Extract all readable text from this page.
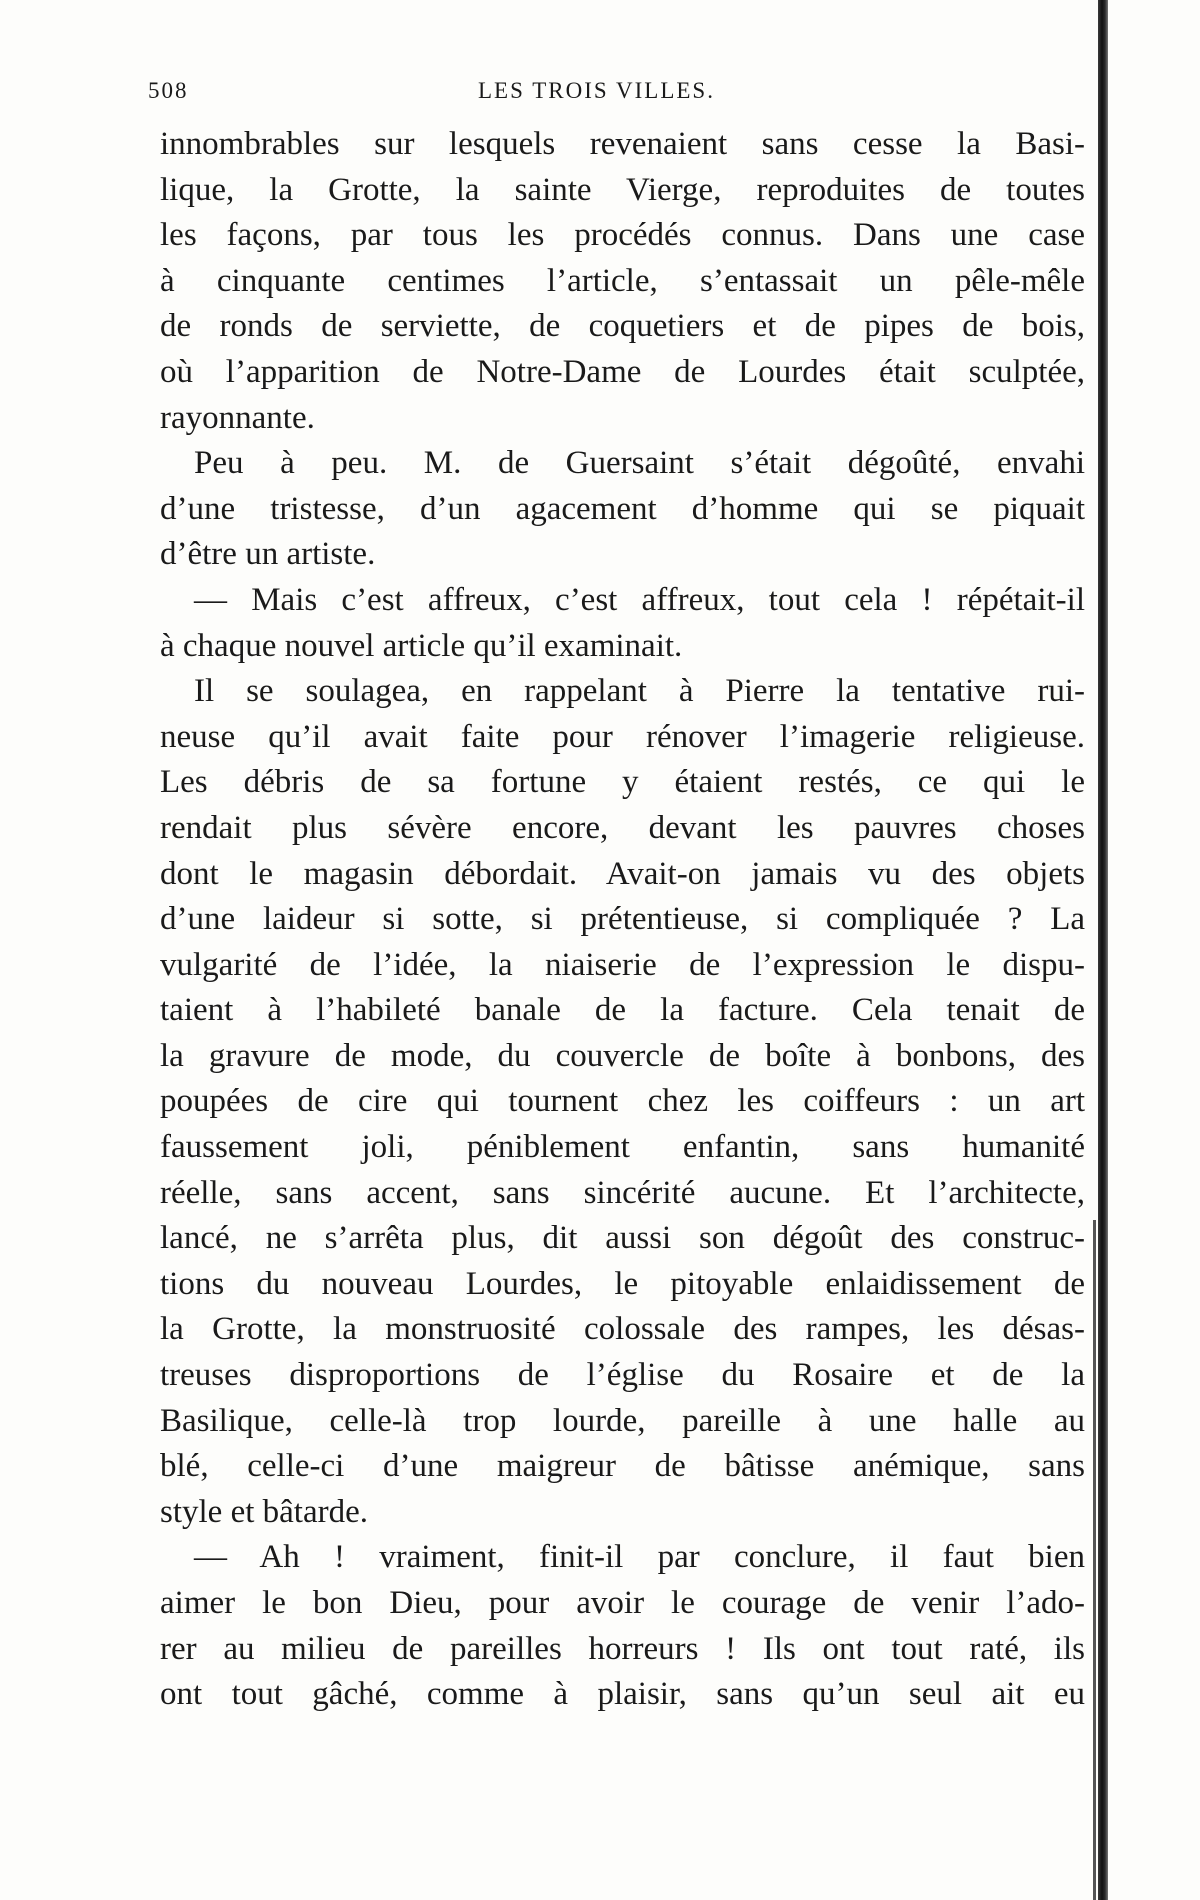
508	LES TROIS VILLES.
innombrables sur lesquels revenaient sans cesse la Basi-
lique, la Grotte, la sainte Vierge, reproduites de toutes
les façons, par tous les procédés connus. Dans une case
à cinquante centimes l’article, s’entassait un pêle-mêle
de ronds de serviette, de coquetiers et de pipes de bois,
où l’apparition de Notre-Dame de Lourdes était sculptée,
rayonnante.
Peu à peu. M. de Guersaint s’était dégoûté, envahi
d’une tristesse, d’un agacement d’homme qui se piquait
d’être un artiste.
— Mais c’est affreux, c’est affreux, tout cela ! répétait-il
à chaque nouvel article qu’il examinait.
Il se soulagea, en rappelant à Pierre la tentative rui-
neuse qu’il avait faite pour rénover l’imagerie religieuse.
Les débris de sa fortune y étaient restés, ce qui le
rendait plus sévère encore, devant les pauvres choses
dont le magasin débordait. Avait-on jamais vu des objets
d’une laideur si sotte, si prétentieuse, si compliquée ? La
vulgarité de l’idée, la niaiserie de l’expression le dispu-
taient à l’habileté banale de la facture. Cela tenait de
la gravure de mode, du couvercle de boîte à bonbons, des
poupées de cire qui tournent chez les coiffeurs : un art
faussement joli, péniblement enfantin, sans humanité
réelle, sans accent, sans sincérité aucune. Et l’architecte,
lancé, ne s’arrêta plus, dit aussi son dégoût des construc-
tions du nouveau Lourdes, le pitoyable enlaidissement de
la Grotte, la monstruosité colossale des rampes, les désas-
treuses disproportions de l’église du Rosaire et de la
Basilique, celle-là trop lourde, pareille à une halle au
blé, celle-ci d’une maigreur de bâtisse anémique, sans
style et bâtarde.
— Ah ! vraiment, finit-il par conclure, il faut bien
aimer le bon Dieu, pour avoir le courage de venir l’ado-
rer au milieu de pareilles horreurs ! Ils ont tout raté, ils
ont tout gâché, comme à plaisir, sans qu’un seul ait eu
